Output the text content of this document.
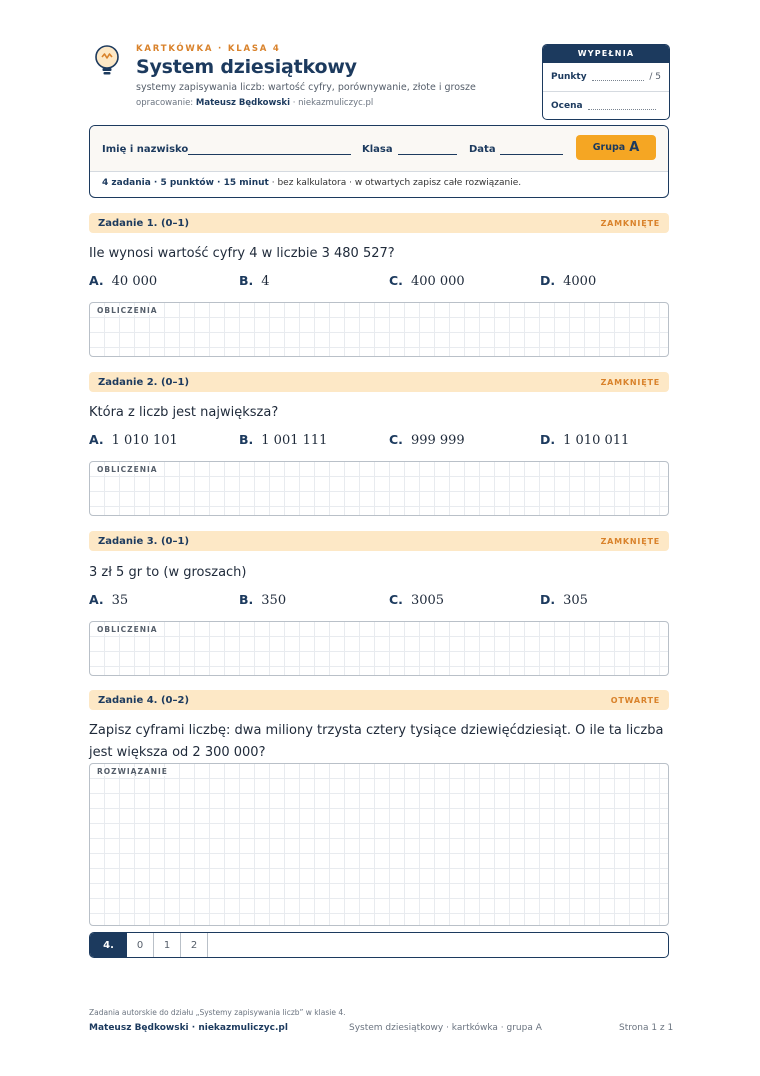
KARTKÓWKA · KLASA 4
System dziesiątkowy
systemy zapisywania liczb: wartość cyfry, porównywanie, złote i grosze
opracowanie: Mateusz Będkowski · niekazmuliczyc.pl
WYPEŁNIA NAUCZYCIEL
Punkty	/ 5
Ocena
Imię i nazwisko	Klasa	Data	Grupa A
4 zadania · 5 punktów · 15 minut · bez kalkulatora · w otwartych zapisz całe rozwiązanie.
Zadanie 1. (0–1)	ZAMKNIĘTE
Ile wynosi wartość cyfry 4 w liczbie 3 480 527?
A. 40 000	B. 4	C. 400 000	D. 4000
OBLICZENIA
Zadanie 2. (0–1)	ZAMKNIĘTE
Która z liczb jest największa?
A. 1 010 101	B. 1 001 111	C. 999 999	D. 1 010 011
OBLICZENIA
Zadanie 3. (0–1)	ZAMKNIĘTE
3 zł 5 gr to (w groszach)
A. 35	B. 350	C. 3005	D. 305
OBLICZENIA
Zadanie 4. (0–2)	OTWARTE
Zapisz cyframi liczbę: dwa miliony trzysta cztery tysiące dziewięćdziesiąt. O ile ta liczba jest większa od 2 300 000?
ROZWIĄZANIE
4.	0	1	2
Zadania autorskie do działu „Systemy zapisywania liczb” w klasie 4.
Mateusz Będkowski · niekazmuliczyc.pl	System dziesiątkowy · kartkówka · grupa A	Strona 1 z 1
